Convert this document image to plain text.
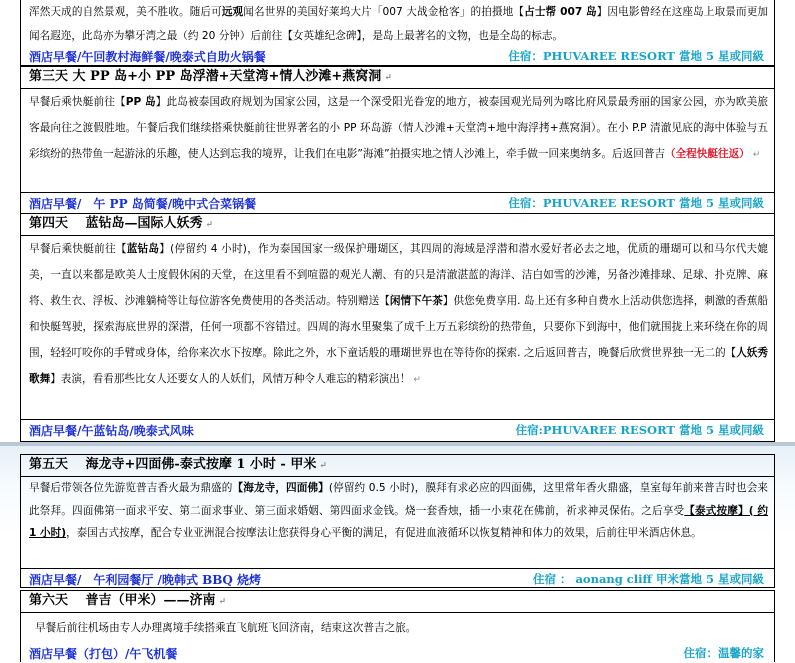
浑然天成的自然景观，美不胜收。随后可远观闻名世界的美国好莱坞大片「007 大战金枪客」的拍摄地【占士帮 007 岛】因电影曾经在这座岛上取景而更加闻名遐迩，此岛亦为攀牙湾之最（约 20 分钟）后前往【女英雄纪念碑】，是岛上最著名的文物，也是全岛的标志。
酒店早餐/午回教村海鲜餐/晚泰式自助火锅餐	住宿：PHUVAREE RESORT 當地 5 星或同級
第三天 大 PP 岛+小 PP 岛浮潜+天堂湾+情人沙滩+燕窝洞 ↵
早餐后乘快艇前往【PP 岛】此岛被泰国政府规划为国家公园，这是一个深受阳光眷宠的地方，被泰国观光局列为喀比府风景最秀丽的国家公园，亦为欧美旅客最向往之渡假胜地。午餐后我们继续搭乘快艇前往世界著名的小 PP 环岛游（情人沙滩+天堂湾+地中海浮拷+燕窝洞）。在小 P.P 清澈见底的海中体验与五彩缤纷的热带鱼一起游泳的乐趣，使人达到忘我的境界，让我们在电影”海滩”拍摄实地之情人沙滩上，牵手做一回来奥纳多。后返回普吉（全程快艇往返） ↵
酒店早餐/　午 PP 岛简餐/晚中式合菜锅餐	住宿：PHUVAREE RESORT 當地 5 星或同級
第四天　 蓝钻岛—国际人妖秀 ↵
早餐后乘快艇前往【蓝钻岛】(停留约 4 小时)，作为泰国国家一级保护珊瑚区，其四周的海域是浮潜和潜水爱好者必去之地，优质的珊瑚可以和马尔代夫媲美，一直以来都是欧美人士度假休闲的天堂，在这里看不到喧嚣的观光人潮、有的只是清澈湛蓝的海洋、洁白如雪的沙滩，另备沙滩排球、足球、扑克牌、麻将、救生衣、浮板、沙滩躺椅等让每位游客免费使用的各类活动。特别赠送【闲情下午茶】供您免费享用. 岛上还有多种自费水上活动供您选择，刺激的香蕉船和快艇驾驶，探索海底世界的深潜，任何一项都不容错过。四周的海水里聚集了成千上万五彩缤纷的热带鱼，只要你下到海中，他们就围拢上来环绕在你的周围，轻轻叮咬你的手臂或身体，给你来次水下按摩。除此之外，水下童话般的珊瑚世界也在等待你的探索. 之后返回普吉，晚餐后欣赏世界独一无二的【人妖秀歌舞】表演，看看那些比女人还要女人的人妖们，风情万种令人难忘的精彩演出！ ↵
酒店早餐/午蓝钻岛/晚泰式风味	住宿:PHUVAREE RESORT 當地 5 星或同級
第五天　 海龙寺+四面佛-泰式按摩 1 小时 - 甲米 ↵
早餐后带领各位先游览普吉香火最为鼎盛的【海龙寺，四面佛】(停留约 0.5 小时)，膜拜有求必应的四面佛，这里常年香火鼎盛，皇室每年前来普吉时也会来此祭拜。四面佛第一面求平安、第二面求事业、第三面求婚姻、第四面求金钱。烧一套香烛，插一小束花在佛前，祈求神灵保佑。之后享受【泰式按摩】( 约 1 小时)，泰国古式按摩，配合专业亚洲混合按摩法让您获得身心平衡的满足，有促进血液循环以恢复精神和体力的效果，后前往甲米酒店休息。
酒店早餐/　午利园餐厅 /晚韩式 BBQ 烧烤	住宿 ： aonang cliff 甲米當地 5 星或同級
第六天　 普吉（甲米）——济南 ↵
早餐后前往机场由专人办理离境手续搭乘直飞航班飞回济南，结束这次普吉之旅。
酒店早餐（打包）/午飞机餐	住宿：温馨的家
